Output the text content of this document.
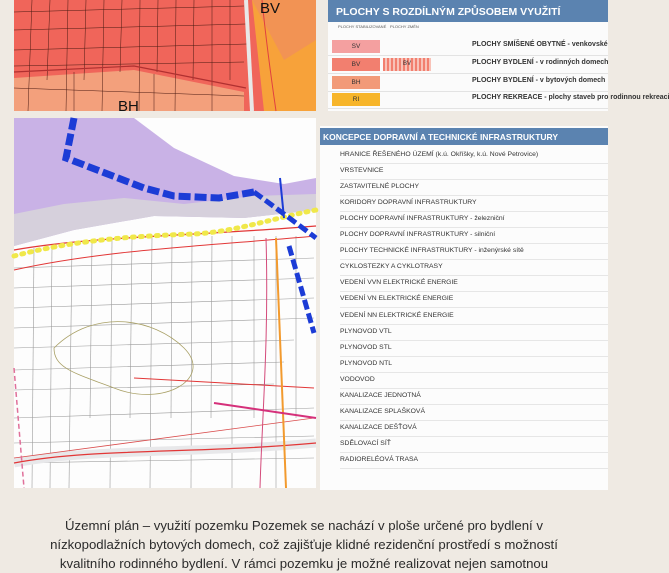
BV
BH
PLOCHY S ROZDÍLNÝM ZPŮSOBEM VYUŽITÍ
PLOCHY STABILIZOVANÉ PLOCHY ZMĚN
SV	PLOCHY SMÍŠENÉ OBYTNÉ - venkovské
BV	BV	PLOCHY BYDLENÍ - v rodinných domech
BH	PLOCHY BYDLENÍ - v bytových domech
RI	PLOCHY REKREACE - plochy staveb pro rodinnou rekreaci
KONCEPCE DOPRAVNÍ A TECHNICKÉ INFRASTRUKTURY
HRANICE ŘEŠENÉHO ÚZEMÍ (k.ú. Okříšky, k.ú. Nové Petrovice)
VRSTEVNICE
ZASTAVITELNÉ PLOCHY
KORIDORY DOPRAVNÍ INFRASTRUKTURY
PLOCHY DOPRAVNÍ INFRASTRUKTURY - železniční
PLOCHY DOPRAVNÍ INFRASTRUKTURY - silniční
PLOCHY TECHNICKÉ INFRASTRUKTURY - inženýrské sítě
CYKLOSTEZKY A CYKLOTRASY
VEDENÍ VVN ELEKTRICKÉ ENERGIE
VEDENÍ VN ELEKTRICKÉ ENERGIE
VEDENÍ NN ELEKTRICKÉ ENERGIE
PLYNOVOD VTL
PLYNOVOD STL
PLYNOVOD NTL
VODOVOD
KANALIZACE JEDNOTNÁ
KANALIZACE SPLAŠKOVÁ
KANALIZACE DEŠŤOVÁ
SDĚLOVACÍ SÍŤ
RADIORELÉOVÁ TRASA
Územní plán – využití pozemku Pozemek se nachází v ploše určené pro bydlení v
nízkopodlažních bytových domech, což zajišťuje klidné rezidenční prostředí s možností
kvalitního rodinného bydlení. V rámci pozemku je možné realizovat nejen samotnou
